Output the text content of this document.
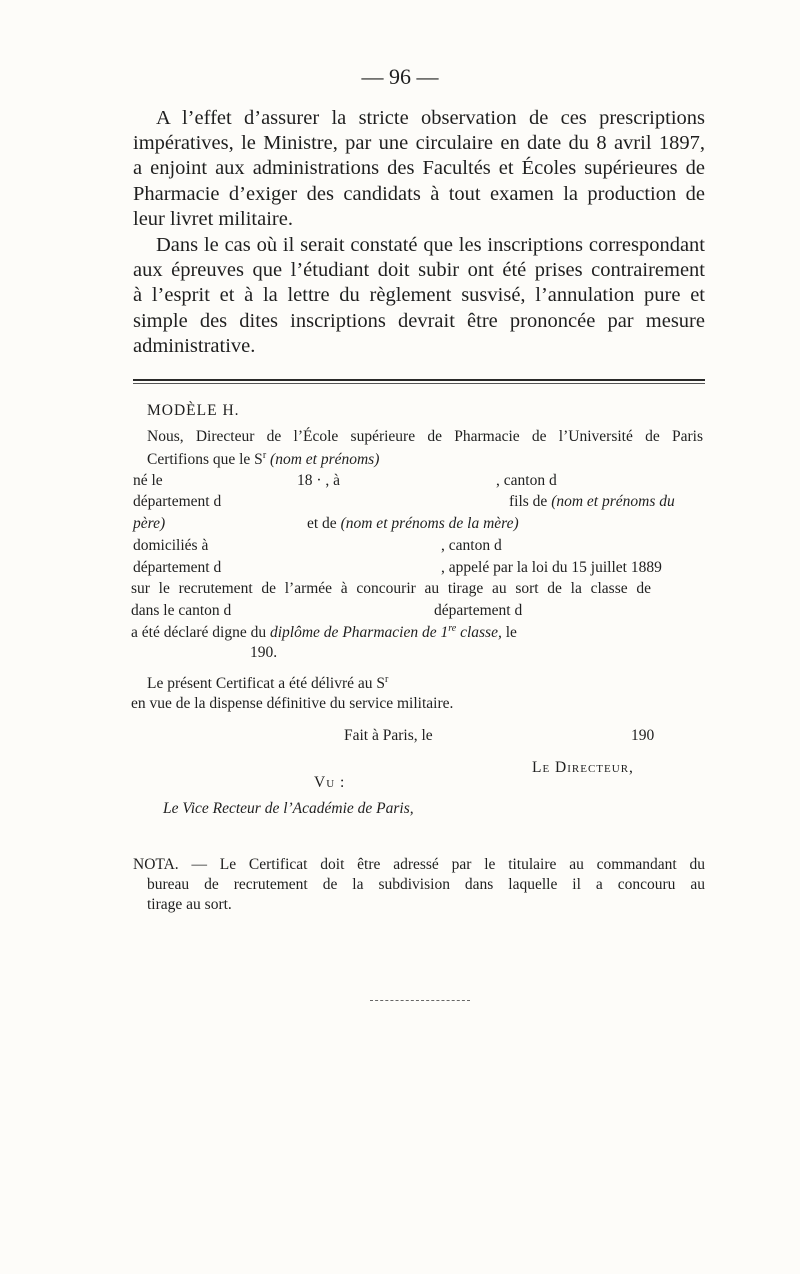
— 96 —
A l’effet d’assurer la stricte observation de ces prescriptions
impératives, le Ministre, par une circulaire en date du 8 avril 1897,
a enjoint aux administrations des Facultés et Écoles supérieures de
Pharmacie d’exiger des candidats à tout examen la production de
leur livret militaire.
Dans le cas où il serait constaté que les inscriptions correspondant
aux épreuves que l’étudiant doit subir ont été prises contrairement
à l’esprit et à la lettre du règlement susvisé, l’annulation pure et
simple des dites inscriptions devrait être prononcée par mesure
administrative.
MODÈLE H.
Nous, Directeur de l’École supérieure de Pharmacie de l’Université de Paris
Certifions que le $S^r$ (nom et prénoms)
né le	18 · , à	, canton d
département d	fils de (nom et prénoms du
père)	et de (nom et prénoms de la mère)
domiciliés à	, canton d
département d	, appelé par la loi du 15 juillet 1889
sur le recrutement de l’armée à concourir au tirage au sort de la classe de
dans le canton d	département d
a été déclaré digne du diplôme de Pharmacien de 1re classe, le
190.
Le présent Certificat a été délivré au $S^r$
en vue de la dispense définitive du service militaire.
Fait à Paris, le	190
Le Directeur,
Vu :
Le Vice Recteur de l’Académie de Paris,
NOTA. — Le Certificat doit être adressé par le titulaire au commandant du
bureau de recrutement de la subdivision dans laquelle il a concouru au
tirage au sort.
